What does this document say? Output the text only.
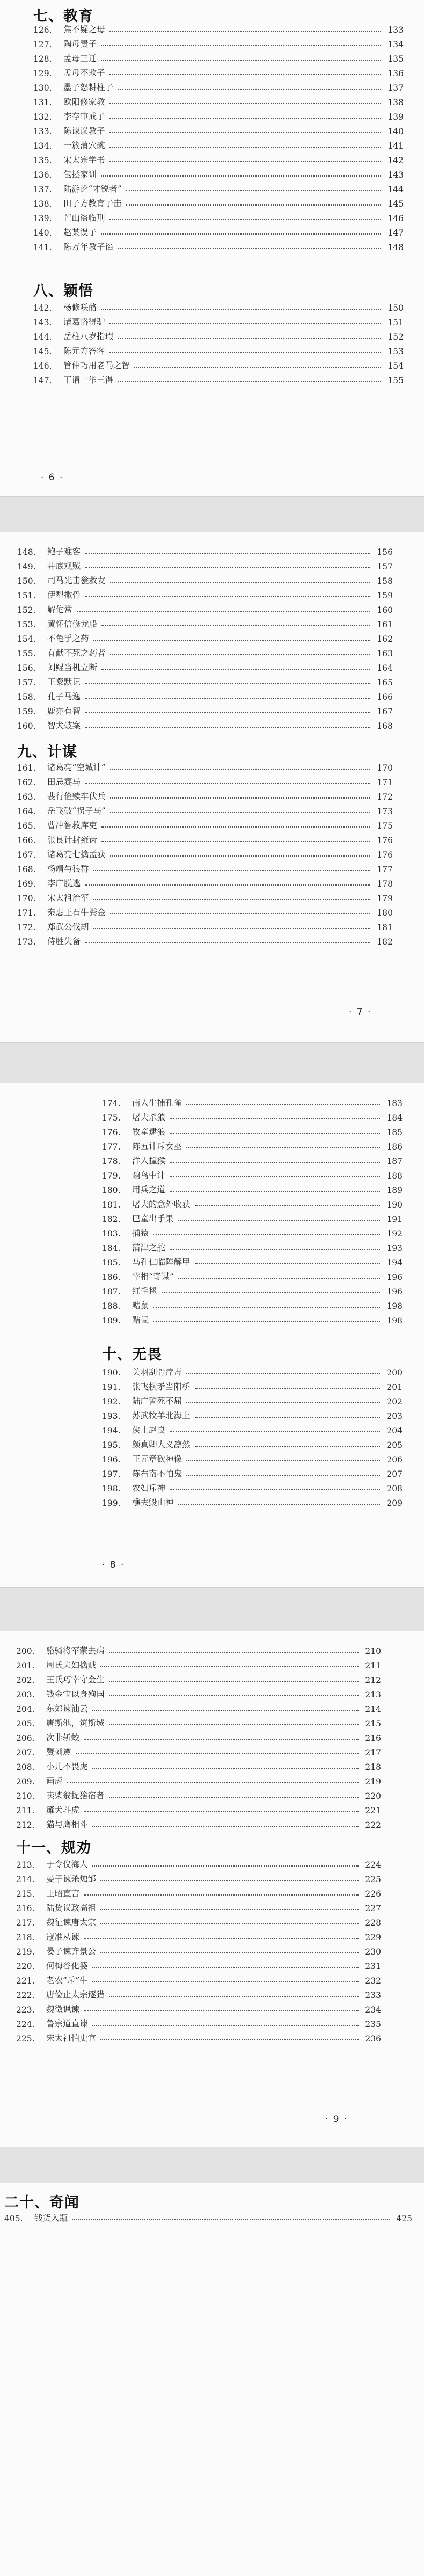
七、教育
126.	焦不疑之母	133
127.	陶母责子	134
128.	孟母三迁	135
129.	孟母不欺子	136
130.	墨子怒耕柱子	137
131.	欧阳修家教	138
132.	李存审戒子	139
133.	陈谏议教子	140
134.	一簇蒲穴碗	141
135.	宋太宗学书	142
136.	包拯家训	143
137.	陆游论“才锐者”	144
138.	田子方教育子击	145
139.	芒山盗临刑	146
140.	赵某误子	147
141.	陈万年教子谄	148
八、颖悟
142.	杨修咲酪	150
143.	诸葛恪得驴	151
144.	岳柱八岁指瑕	152
145.	陈元方答客	153
146.	管仲巧用老马之智	154
147.	丁谓一举三得	155
· 6 ·
148.	鲍子难客	156
149.	井底观贼	157
150.	司马光击瓮救友	158
151.	伊犁撒骨	159
152.	解佗常	160
153.	黄怀信修龙船	161
154.	不龟手之药	162
155.	有献不死之药者	163
156.	刘鲲当机立断	164
157.	王粲默记	165
158.	孔子马逸	166
159.	鹿亦有智	167
160.	智犬破案	168
九、计谋
161.	诸葛亮“空城计”	170
162.	田忌赛马	171
163.	裴行俭赎车伏兵	172
164.	岳飞破“拐子马”	173
165.	曹冲智救库吏	175
166.	张良计封雍齿	176
167.	诸葛亮七擒孟获	176
168.	杨靖与狼群	177
169.	李广脱逃	178
170.	宋太祖治军	179
171.	秦惠王石牛粪金	180
172.	郑武公伐胡	181
173.	侍胜失备	182
· 7 ·
174.	南人生捕孔雀	183
175.	屠夫杀狼	184
176.	牧童逮狼	185
177.	陈五计斥女巫	186
178.	洋人撞猴	187
179.	鹬鸟中计	188
180.	用兵之道	189
181.	屠夫的意外收获	190
182.	巴童出手果	191
183.	捕猿	192
184.	蒲津之舵	193
185.	马孔仁临阵解甲	194
186.	宰相“奇谋”	196
187.	红毛毯	196
188.	黠鼠	198
189.	黠鼠	198
十、无畏
190.	关羽刮骨疗毒	200
191.	张飞横矛当阳桥	201
192.	陆广誓死不屈	202
193.	苏武牧羊北海上	203
194.	侠士赵良	204
195.	颜真卿大义凛然	205
196.	王元章砍神像	206
197.	陈右南不怕鬼	207
198.	农妇斥神	208
199.	樵夫毁山神	209
· 8 ·
200.	骆骑将军蒙去病	210
201.	周氏夫妇擒贼	211
202.	王氏巧宰守金生	212
203.	钱金宝以身殉国	213
204.	东郊谏汕云	214
205.	唐斯池，筑斯城	215
206.	次非斩蛟	216
207.	赞刘遵	217
208.	小儿不畏虎	218
209.	画虎	219
210.	卖柴翁捉猞宿者	220
211.	瘫犬斗虎	221
212.	猫与鹰相斗	222
十一、规劝
213.	于令仪海人	224
214.	晏子谏杀烛邹	225
215.	王昭直言	226
216.	陆贽议政高祖	227
217.	魏征谏唐太宗	228
218.	寇准从谏	229
219.	晏子谏齐景公	230
220.	何梅谷化婆	231
221.	老农“斥”牛	232
222.	唐俭止太宗逐猎	233
223.	魏徵讽谏	234
224.	鲁宗道直谏	235
225.	宋太祖怕史官	236
· 9 ·
二十、奇闻
405.	钱货入瓶	425
